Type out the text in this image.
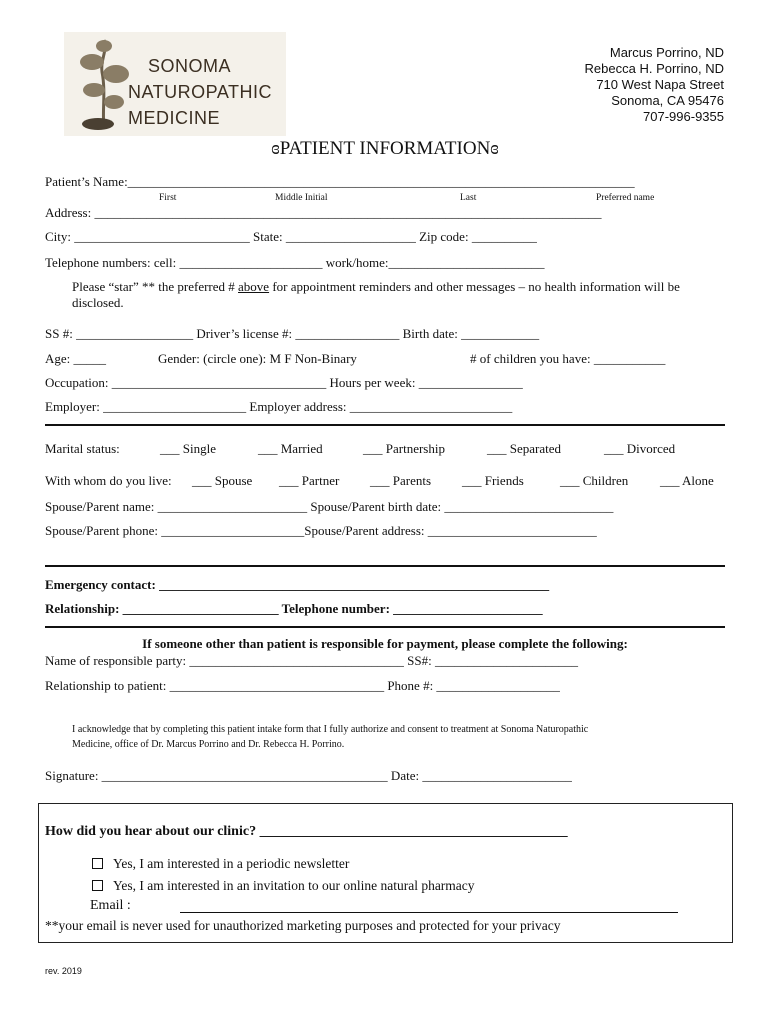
SONOMA
NATUROPATHIC
MEDICINE
Marcus Porrino, ND
Rebecca H. Porrino, ND
710 West Napa Street
Sonoma, CA 95476
707-996-9355
ɞPATIENT INFORMATIONɞ
Patient’s Name:______________________________________________________________________________
First	Middle Initial	Last	Preferred name
Address: ______________________________________________________________________________
City: ___________________________ State: ____________________ Zip code: __________
Telephone numbers: cell: ______________________ work/home:________________________
Please “star” ** the preferred # above for appointment reminders and other messages – no health information will be
disclosed.
SS #: __________________ Driver’s license #: ________________ Birth date: ____________
Age: _____	Gender: (circle one): M F Non-Binary	# of children you have: ___________
Occupation: _________________________________ Hours per week: ________________
Employer: ______________________ Employer address: _________________________
Marital status:	___ Single	___ Married	___ Partnership	___ Separated	___ Divorced
With whom do you live: ___ Spouse ___ Partner ___ Parents ___ Friends	___ Children ___ Alone
Spouse/Parent name: _______________________ Spouse/Parent birth date: __________________________
Spouse/Parent phone: ______________________Spouse/Parent address: __________________________
Emergency contact: ____________________________________________________________
Relationship: ________________________ Telephone number: _______________________
If someone other than patient is responsible for payment, please complete the following:
Name of responsible party: _________________________________ SS#: ______________________
Relationship to patient: _________________________________ Phone #: ___________________
I acknowledge that by completing this patient intake form that I fully authorize and consent to treatment at Sonoma Naturopathic
Medicine, office of Dr. Marcus Porrino and Dr. Rebecca H. Porrino.
Signature: ____________________________________________ Date: _______________________
How did you hear about our clinic? ____________________________________________
Yes, I am interested in a periodic newsletter
Yes, I am interested in an invitation to our online natural pharmacy
Email :
**your email is never used for unauthorized marketing purposes and protected for your privacy
rev. 2019
